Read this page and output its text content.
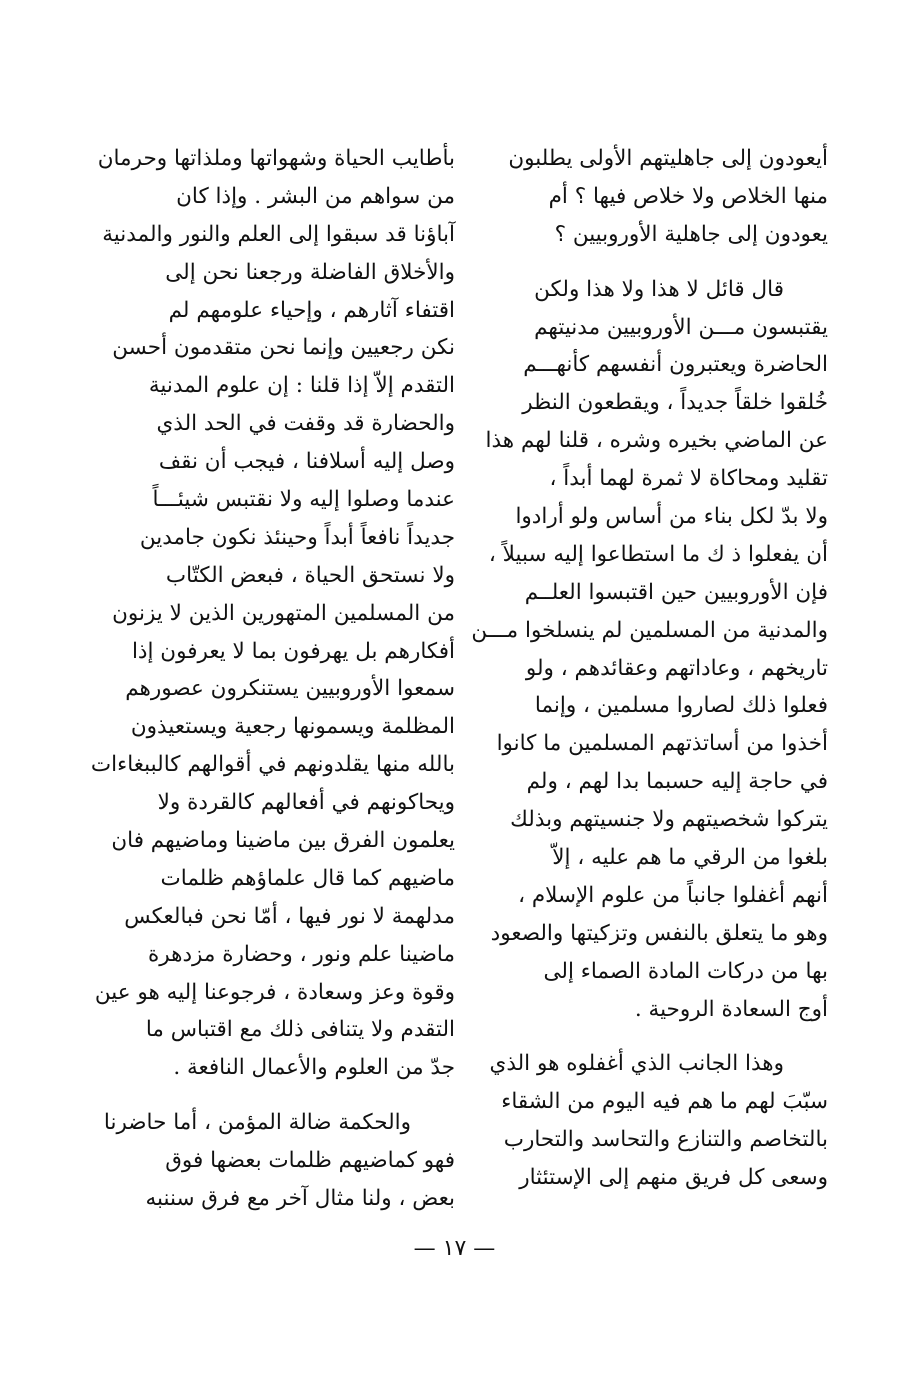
أيعودون إلى جاهليتهم الأولى يطلبون
منها الخلاص ولا خلاص فيها ؟ أم
يعودون إلى جاهلية الأوروبيين ؟
قال قائل لا هذا ولا هذا ولكن
يقتبسون مـــن الأوروبيين مدنيتهم
الحاضرة ويعتبرون أنفسهم كأنهـــم
خُلقوا خلقاً جديداً ، ويقطعون النظر
عن الماضي بخيره وشره ، قلنا لهم هذا
تقليد ومحاكاة لا ثمرة لهما أبداً ،
ولا بدّ لكل بناء من أساس ولو أرادوا
أن يفعلوا ذ ك ما استطاعوا إليه سبيلاً ،
فإن الأوروبيين حين اقتبسوا العلــم
والمدنية من المسلمين لم ينسلخوا مـــن
تاريخهم ، وعاداتهم وعقائدهم ، ولو
فعلوا ذلك لصاروا مسلمين ، وإنما
أخذوا من أساتذتهم المسلمين ما كانوا
في حاجة إليه حسبما بدا لهم ، ولم
يتركوا شخصيتهم ولا جنسيتهم وبذلك
بلغوا من الرقي ما هم عليه ، إلاّ
أنهم أغفلوا جانباً من علوم الإسلام ،
وهو ما يتعلق بالنفس وتزكيتها والصعود
بها من دركات المادة الصماء إلى
أوج السعادة الروحية .
وهذا الجانب الذي أغفلوه هو الذي
سبّبَ لهم ما هم فيه اليوم من الشقاء
بالتخاصم والتنازع والتحاسد والتحارب
وسعى كل فريق منهم إلى الإستئثار
بأطايب الحياة وشهواتها وملذاتها وحرمان
من سواهم من البشر . وإذا كان
آباؤنا قد سبقوا إلى العلم والنور والمدنية
والأخلاق الفاضلة ورجعنا نحن إلى
اقتفاء آثارهم ، وإحياء علومهم لم
نكن رجعيين وإنما نحن متقدمون أحسن
التقدم إلاّ إذا قلنا : إن علوم المدنية
والحضارة قد وقفت في الحد الذي
وصل إليه أسلافنا ، فيجب أن نقف
عندما وصلوا إليه ولا نقتبس شيئـــاً
جديداً نافعاً أبداً وحينئذ نكون جامدين
ولا نستحق الحياة ، فبعض الكتّاب
من المسلمين المتهورين الذين لا يزنون
أفكارهم بل يهرفون بما لا يعرفون إذا
سمعوا الأوروبيين يستنكرون عصورهم
المظلمة ويسمونها رجعية ويستعيذون
بالله منها يقلدونهم في أقوالهم كالببغاءات
ويحاكونهم في أفعالهم كالقردة ولا
يعلمون الفرق بين ماضينا وماضيهم فان
ماضيهم كما قال علماؤهم ظلمات
مدلهمة لا نور فيها ، أمّا نحن فبالعكس
ماضينا علم ونور ، وحضارة مزدهرة
وقوة وعز وسعادة ، فرجوعنا إليه هو عين
التقدم ولا يتنافى ذلك مع اقتباس ما
جدّ من العلوم والأعمال النافعة .
والحكمة ضالة المؤمن ، أما حاضرنا
فهو كماضيهم ظلمات بعضها فوق
بعض ، ولنا مثال آخر مع فرق سننبه
— ١٧ —
